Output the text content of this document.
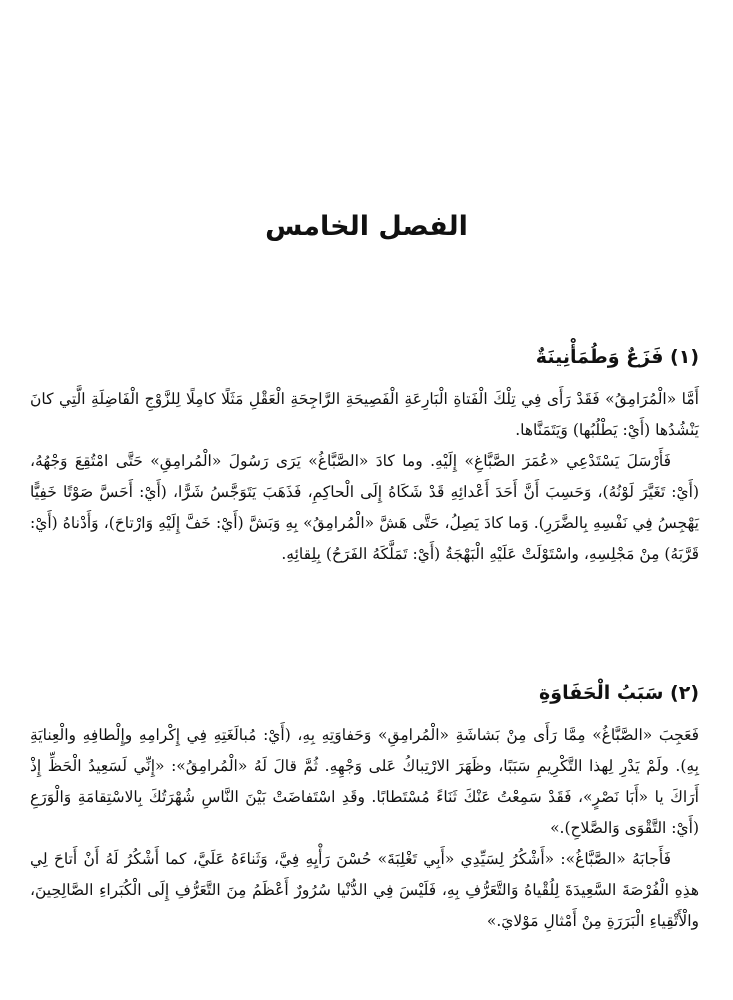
الفصل الخامس
(١) فَزَعٌ وَطُمَأْنِينَةٌ

أَمَّا «الْمُرَامِقُ» فَقَدْ رَأَى فِي تِلْكَ الْفَتاةِ الْبَارِعَةِ الْفَصِيحَةِ الرَّاجِحَةِ الْعَقْلِ مَثَلًا كامِلًا لِلزَّوْجِ الْفَاضِلَةِ الَّتِي كانَ يَنْشُدُها (أَيْ: يَطْلُبُها) وَيَتَمَنَّاها.

فَأَرْسَلَ يَسْتَدْعِي «عُمَرَ الصَّبَّاغِ» إِلَيْهِ. وما كادَ «الصَّبَّاغُ» يَرَى رَسُولَ «الْمُرامِقِ» حَتَّى امْتُقِعَ وَجْهُهُ، (أَيْ: تَغَيَّرَ لَوْنُهُ)، وَحَسِبَ أَنَّ أَحَدَ أَعْدائِهِ قَدْ شَكَاهُ إِلَى الْحاكِمِ، فَذَهَبَ يَتَوَجَّسُ شَرًّا، (أَيْ: أَحَسَّ صَوْتًا خَفِيًّا يَهْجِسُ فِي نَفْسِهِ بِالضَّرَرِ). وَما كادَ يَصِلُ، حَتَّى هَشَّ «الْمُرامِقُ» بِهِ وَبَشَّ (أَيْ: خَفَّ إِلَيْهِ وَارْتاحَ)، وَأَدْناهُ (أَيْ: قَرَّبَهُ) مِنْ مَجْلِسِهِ، واسْتَوْلَتْ عَلَيْهِ الْبَهْجَةُ (أَيْ: تَمَلَّكَهُ الفَرَحُ) بِلِقائِهِ.

(٢) سَبَبُ الْحَفَاوَةِ

فَعَجِبَ «الصَّبَّاغُ» مِمَّا رَأَى مِنْ بَشاشَةِ «الْمُرامِقِ» وَحَفاوَتِهِ بِهِ، (أَيْ: مُبالَغَتِهِ فِي إِكْرامِهِ وإِلْطافِهِ والْعِنايَةِ بِهِ). ولَمْ يَدْرِ لِهذا التَّكْرِيمِ سَبَبًا، وظَهَرَ الارْتِباكُ عَلى وَجْهِهِ. ثُمَّ قالَ لَهُ «الْمُرامِقُ»: «إِنِّي لَسَعِيدُ الْحَظِّ إِذْ أَرَاكَ يا «أَبَا نَصْرٍ»، فَقَدْ سَمِعْتُ عَنْكَ ثَنَاءً مُسْتَطابًا. وقَدِ اسْتَفاضَتْ بَيْنَ النَّاسِ شُهْرَتُكَ بِالاسْتِقامَةِ وَالْوَرَعِ (أَيْ: التَّقْوَى وَالصَّلاحِ).»

فَأَجابَهُ «الصَّبَّاغُ»: «أَشْكُرُ لِسَيِّدِي «أَبِي تَغْلِبَةَ» حُسْنَ رَأْيِهِ فِيَّ، وَثَناءَهُ عَلَيَّ، كما أَشْكُرُ لَهُ أَنْ أَتاحَ لِي هذِهِ الْفُرْصَةَ السَّعِيدَةَ لِلُقْياهُ وَالتَّعَرُّفِ بِهِ، فَلَيْسَ فِي الدُّنْيا سُرُورٌ أَعْظَمُ مِنَ التَّعَرُّفِ إِلَى الْكُبَراءِ الصَّالِحِينَ، والْأَتْقِياءِ الْبَرَرَةِ مِنْ أَمْثالِ مَوْلايَ.»
